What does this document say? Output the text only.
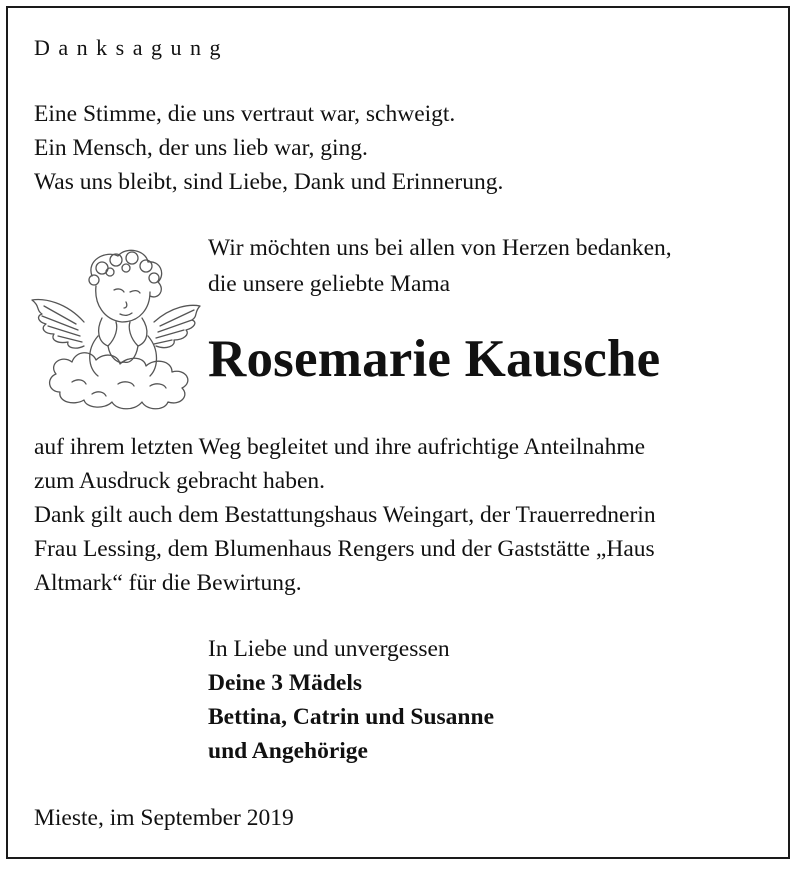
Danksagung
Eine Stimme, die uns vertraut war, schweigt.
Ein Mensch, der uns lieb war, ging.
Was uns bleibt, sind Liebe, Dank und Erinnerung.
Wir möchten uns bei allen von Herzen bedanken,
die unsere geliebte Mama
Rosemarie Kausche
auf ihrem letzten Weg begleitet und ihre aufrichtige Anteilnahme
zum Ausdruck gebracht haben.
Dank gilt auch dem Bestattungshaus Weingart, der Trauerrednerin
Frau Lessing, dem Blumenhaus Rengers und der Gaststätte „Haus
Altmark“ für die Bewirtung.
In Liebe und unvergessen
Deine 3 Mädels
Bettina, Catrin und Susanne
und Angehörige
Mieste, im September 2019
